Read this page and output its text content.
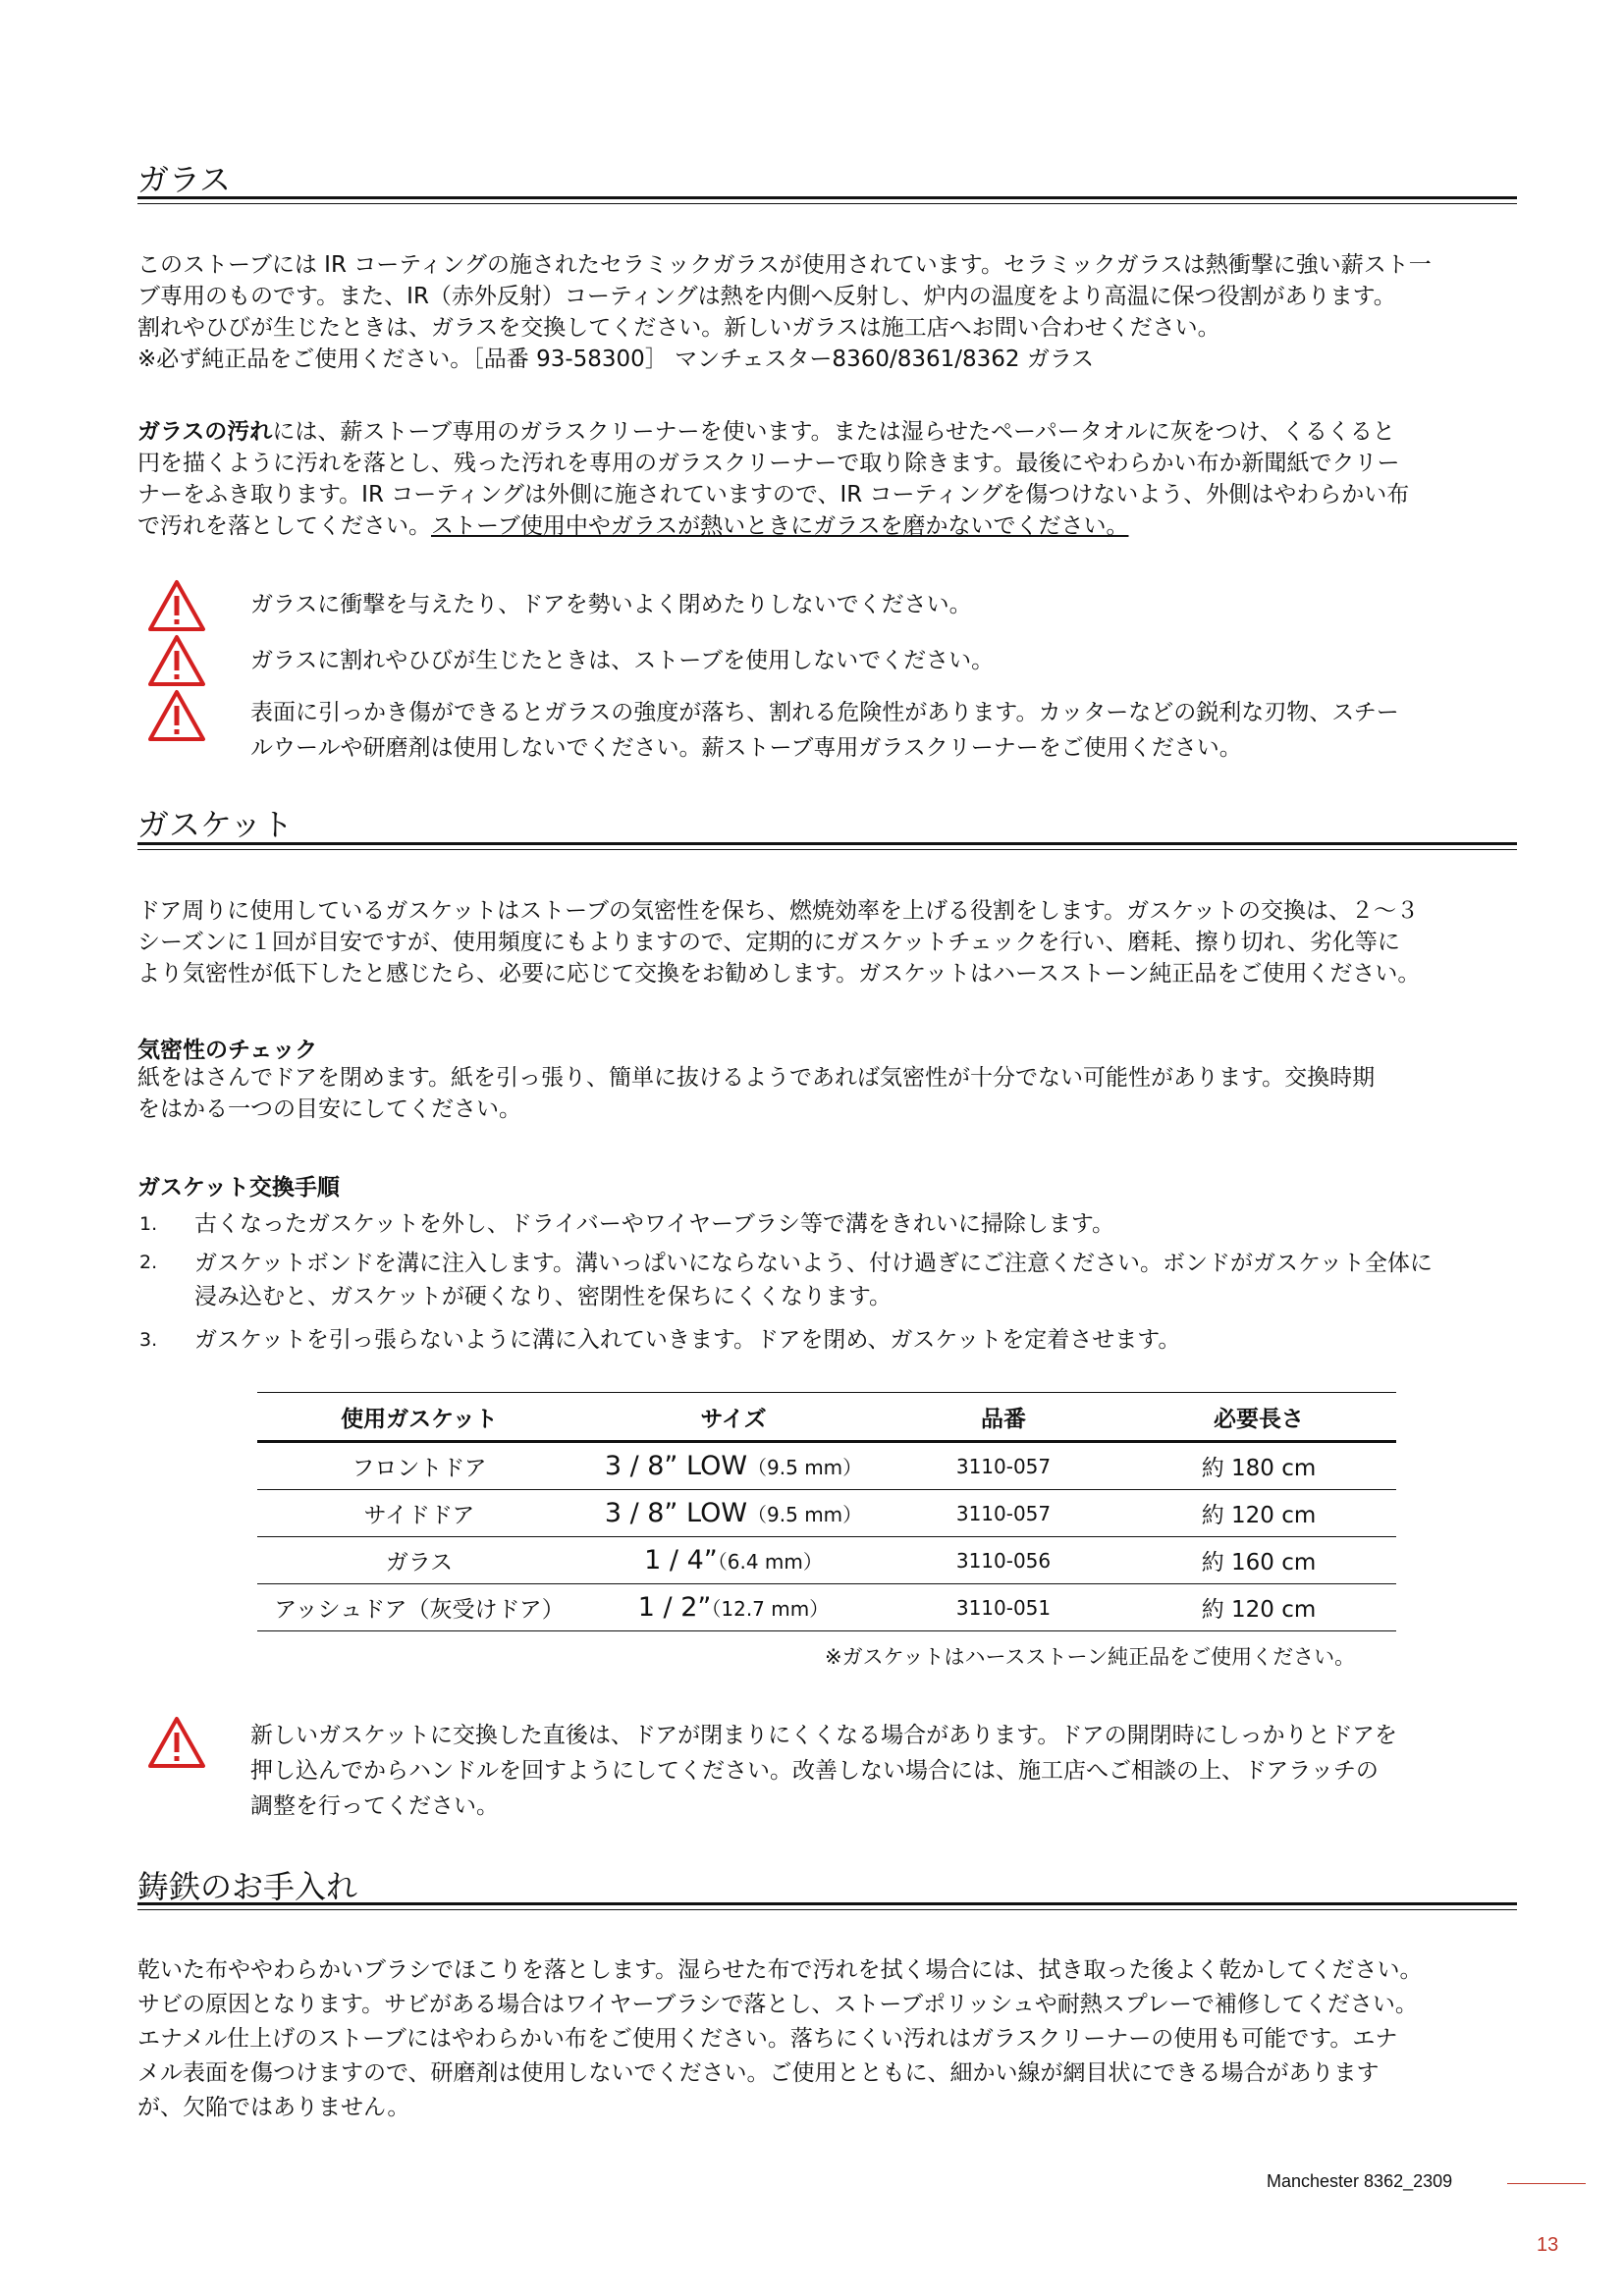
ガラス
このストーブには IR コーティングの施されたセラミックガラスが使用されています。セラミックガラスは熱衝撃に強い薪スト一
ブ専用のものです。また、IR（赤外反射）コーティングは熱を内側へ反射し、炉内の温度をより高温に保つ役割があります。
割れやひびが生じたときは、ガラスを交換してください。新しいガラスは施工店へお問い合わせください。
※必ず純正品をご使用ください。［品番 93-58300］ マンチェスター8360/8361/8362 ガラス
ガラスの汚れには、薪ストーブ専用のガラスクリーナーを使います。または湿らせたペーパータオルに灰をつけ、くるくると
円を描くように汚れを落とし、残った汚れを専用のガラスクリーナーで取り除きます。最後にやわらかい布か新聞紙でクリー
ナーをふき取ります。IR コーティングは外側に施されていますので、IR コーティングを傷つけないよう、外側はやわらかい布
で汚れを落としてください。ストーブ使用中やガラスが熱いときにガラスを磨かないでください。
ガラスに衝撃を与えたり、ドアを勢いよく閉めたりしないでください。
ガラスに割れやひびが生じたときは、ストーブを使用しないでください。
表面に引っかき傷ができるとガラスの強度が落ち、割れる危険性があります。カッターなどの鋭利な刃物、スチー
ルウールや研磨剤は使用しないでください。薪ストーブ専用ガラスクリーナーをご使用ください。
ガスケット
ドア周りに使用しているガスケットはストーブの気密性を保ち、燃焼効率を上げる役割をします。ガスケットの交換は、２～３
シーズンに１回が目安ですが、使用頻度にもよりますので、定期的にガスケットチェックを行い、磨耗、擦り切れ、劣化等に
より気密性が低下したと感じたら、必要に応じて交換をお勧めします。ガスケットはハースストーン純正品をご使用ください。
気密性のチェック
紙をはさんでドアを閉めます。紙を引っ張り、簡単に抜けるようであれば気密性が十分でない可能性があります。交換時期
をはかる一つの目安にしてください。
ガスケット交換手順
1. 古くなったガスケットを外し、ドライバーやワイヤーブラシ等で溝をきれいに掃除します。
2. ガスケットボンドを溝に注入します。溝いっぱいにならないよう、付け過ぎにご注意ください。ボンドがガスケット全体に
浸み込むと、ガスケットが硬くなり、密閉性を保ちにくくなります。
3. ガスケットを引っ張らないように溝に入れていきます。ドアを閉め、ガスケットを定着させます。
使用ガスケット	サイズ	品番	必要長さ
フロントドア	3 / 8” LOW（9.5 mm）	3110-057	約 180 cm
サイドドア	3 / 8” LOW（9.5 mm）	3110-057	約 120 cm
ガラス	1 / 4”（6.4 mm）	3110-056	約 160 cm
アッシュドア（灰受けドア）	1 / 2”（12.7 mm）	3110-051	約 120 cm
※ガスケットはハースストーン純正品をご使用ください。
新しいガスケットに交換した直後は、ドアが閉まりにくくなる場合があります。ドアの開閉時にしっかりとドアを
押し込んでからハンドルを回すようにしてください。改善しない場合には、施工店へご相談の上、ドアラッチの
調整を行ってください。
鋳鉄のお手入れ
乾いた布ややわらかいブラシでほこりを落とします。湿らせた布で汚れを拭く場合には、拭き取った後よく乾かしてください。
サビの原因となります。サビがある場合はワイヤーブラシで落とし、ストーブポリッシュや耐熱スプレーで補修してください。
エナメル仕上げのストーブにはやわらかい布をご使用ください。落ちにくい汚れはガラスクリーナーの使用も可能です。エナ
メル表面を傷つけますので、研磨剤は使用しないでください。ご使用とともに、細かい線が網目状にできる場合があります
が、欠陥ではありません。
Manchester 8362_2309
13
